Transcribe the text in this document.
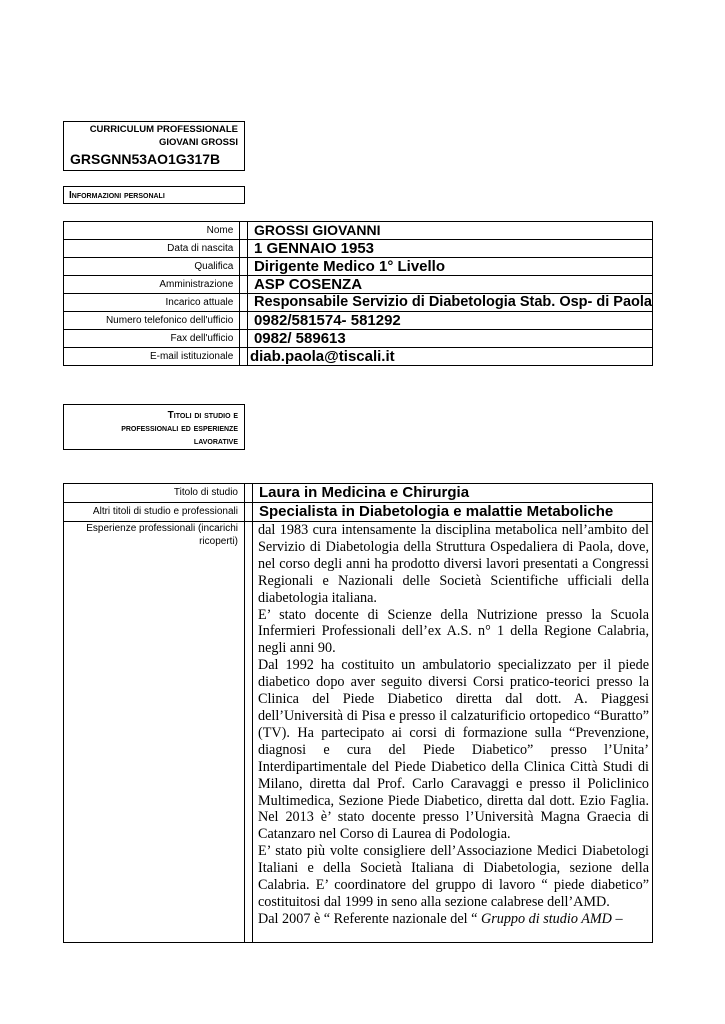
CURRICULUM PROFESSIONALE
GIOVANI GROSSI
GRSGNN53AO1G317B
Informazioni personali
Nome		GROSSI GIOVANNI
Data di nascita		1 GENNAIO 1953
Qualifica		Dirigente Medico 1° Livello
Amministrazione		ASP COSENZA
Incarico attuale		Responsabile Servizio di Diabetologia Stab. Osp- di Paola
Numero telefonico dell'ufficio		0982/581574- 581292
Fax dell'ufficio		0982/ 589613
E-mail istituzionale		diab.paola@tiscali.it
Titoli di studio e
professionali ed esperienze
lavorative
Titolo di studio		Laura in Medicina e Chirurgia
Altri titoli di studio e professionali		Specialista in Diabetologia e malattie Metaboliche
Esperienze professionali (incarichi ricoperti)		dal 1983 cura intensamente la disciplina metabolica nell’ambito del Servizio di Diabetologia della Struttura Ospedaliera di Paola, dove, nel corso degli anni ha prodotto diversi lavori presentati a Congressi Regionali e Nazionali delle Società Scientifiche ufficiali della diabetologia italiana.

E’ stato docente di Scienze della Nutrizione presso la Scuola Infermieri Professionali dell’ex A.S. n° 1 della Regione Calabria, negli anni 90.

Dal 1992 ha costituito un ambulatorio specializzato per il piede diabetico dopo aver seguito diversi Corsi pratico-teorici presso la Clinica del Piede Diabetico diretta dal dott. A. Piaggesi dell’Università di Pisa e presso il calzaturificio ortopedico “Buratto” (TV). Ha partecipato ai corsi di formazione sulla “Prevenzione, diagnosi e cura del Piede Diabetico” presso l’Unita’ Interdipartimentale del Piede Diabetico della Clinica Città Studi di Milano, diretta dal Prof. Carlo Caravaggi e presso il Policlinico Multimedica, Sezione Piede Diabetico, diretta dal dott. Ezio Faglia. Nel 2013 è’ stato docente presso l’Università Magna Graecia di Catanzaro nel Corso di Laurea di Podologia.

E’ stato più volte consigliere dell’Associazione Medici Diabetologi Italiani e della Società Italiana di Diabetologia, sezione della Calabria. E’ coordinatore del gruppo di lavoro “ piede diabetico” costituitosi dal 1999 in seno alla sezione calabrese dell’AMD.

Dal 2007 è “ Referente nazionale del “ Gruppo di studio AMD –
